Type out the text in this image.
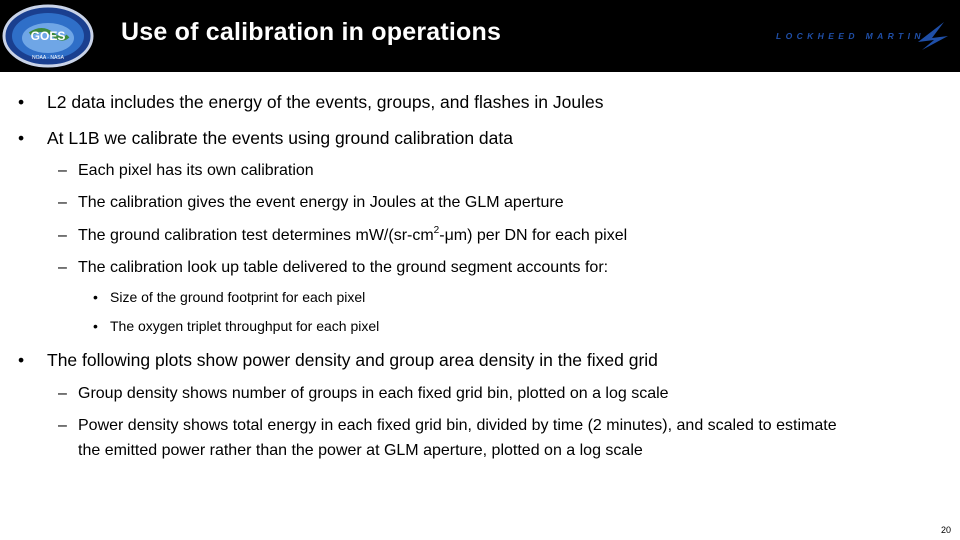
GOES
NOAA · NASA
Use of calibration in operations	LOCKHEED MARTIN
• L2 data includes the energy of the events, groups, and flashes in Joules
• At L1B we calibrate the events using ground calibration data
– Each pixel has its own calibration
– The calibration gives the event energy in Joules at the GLM aperture
– The ground calibration test determines $mW/(sr-cm^2-\mu m)$ per DN for each pixel
– The calibration look up table delivered to the ground segment accounts for:
• Size of the ground footprint for each pixel
• The oxygen triplet throughput for each pixel
• The following plots show power density and group area density in the fixed grid
– Group density shows number of groups in each fixed grid bin, plotted on a log scale
– Power density shows total energy in each fixed grid bin, divided by time (2 minutes), and scaled to estimate
the emitted power rather than the power at GLM aperture, plotted on a log scale
20
